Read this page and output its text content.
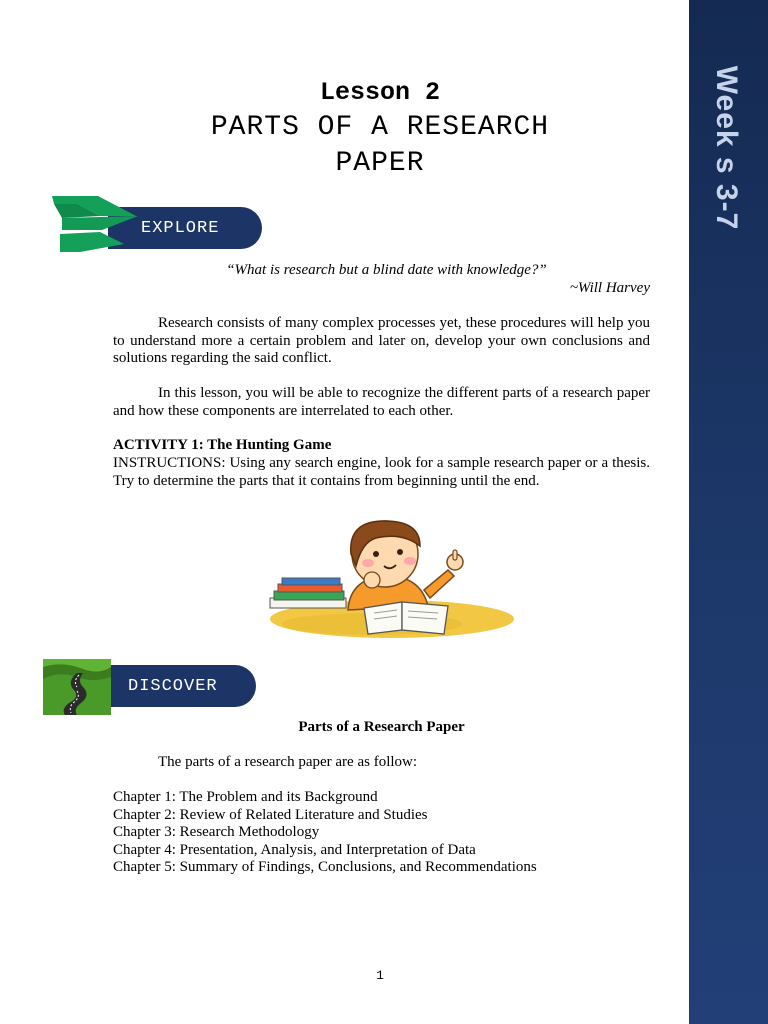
Week s 3-7
Lesson 2
PARTS OF A RESEARCH
PAPER
EXPLORE
“What is research but a blind date with knowledge?”
~Will Harvey
Research consists of many complex processes yet, these procedures will help you to understand more a certain problem and later on, develop your own conclusions and solutions regarding the said conflict.
In this lesson, you will be able to recognize the different parts of a research paper and how these components are interrelated to each other.
ACTIVITY 1: The Hunting Game
INSTRUCTIONS: Using any search engine, look for a sample research paper or a thesis. Try to determine the parts that it contains from beginning until the end.
DISCOVER
Parts of a Research Paper
The parts of a research paper are as follow:
Chapter 1: The Problem and its Background
Chapter 2: Review of Related Literature and Studies
Chapter 3: Research Methodology
Chapter 4: Presentation, Analysis, and Interpretation of Data
Chapter 5: Summary of Findings, Conclusions, and Recommendations
1
